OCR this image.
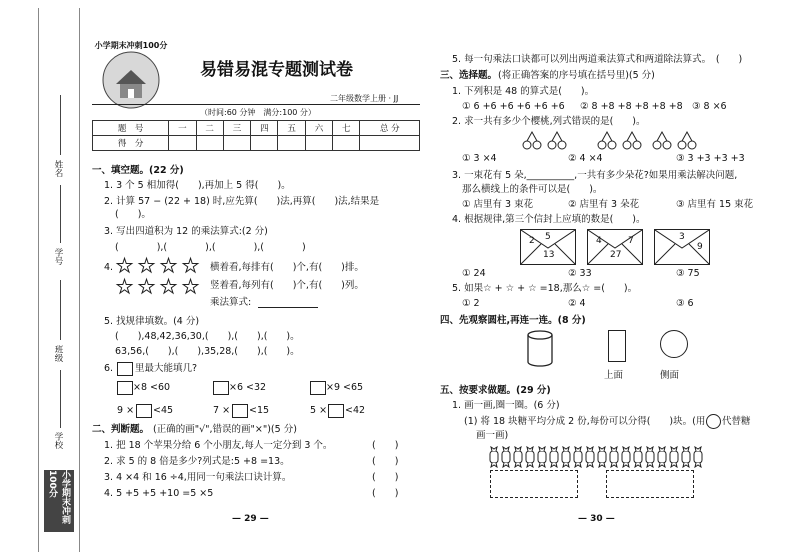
姓名
学号
班级
学校
小学期末冲刺100分
小学期末冲刺100分
易错易混专题测试卷
二年级数学上册 · JJ
（时间:60 分钟　满分:100 分）
题　号	一	二	三	四	五	六	七	总 分
得　分								
一、填空题。(22 分)
1. 3 个 5 相加得(　　),再加上 5 得(　　)。
2. 计算 57 − (22 + 18) 时,应先算(　　)法,再算(　　)法,结果是
(　　)。
3. 写出四道积为 12 的乘法算式:(2 分)
(　　　　),(　　　　),(　　　　),(　　　　)
4. ★ ★ ★ ★
★ ★ ★ ★
横着看,每排有(　　)个,有(　　)排。
竖着看,每列有(　　)个,有(　　)列。
乘法算式:
5. 找规律填数。(4 分)
(　　),48,42,36,30,(　　),(　　),(　　)。
63,56,(　　),(　　),35,28,(　　),(　　)。
6. 里最大能填几?
×8 <60	×6 <32	×9 <65
9 × <45	7 × <15	5 × <42
二、判断题。 (正确的画"√",错误的画"×")(5 分)
1. 把 18 个苹果分给 6 个小朋友,每人一定分到 3 个。	(　　)
2. 求 5 的 8 倍是多少?列式是:5 +8 =13。	(　　)
3. 4 ×4 和 16 ÷4,用同一句乘法口诀计算。	(　　)
4. 5 +5 +5 +10 =5 ×5	(　　)
— 29 —
5. 每一句乘法口诀都可以列出两道乘法算式和两道除法算式。　(　　)
三、选择题。 (将正确答案的序号填在括号里)(5 分)
1. 下列积是 48 的算式是(　　)。
① 6 +6 +6 +6 +6 +6 ② 8 +8 +8 +8 +8 +8 ③ 8 ×6
2. 求一共有多少个樱桃,列式错误的是(　　)。
① 3 ×4	② 4 ×4	③ 3 +3 +3 +3
3. 一束花有 5 朵,__________,一共有多少朵花?如果用乘法解决问题,
那么横线上的条件可以是(　　)。
① 店里有 3 束花	② 店里有 3 朵花	③ 店里有 15 束花
4. 根据规律,第三个信封上应填的数是(　　)。
2 5
13
4	7
27
3
9
① 24	② 33	③ 75
5. 如果☆ + ☆ + ☆ =18,那么☆ =(　　)。
① 2	② 4	③ 6
四、先观察圆柱,再连一连。(8 分)
上面	侧面
五、按要求做题。(29 分)
1. 画一画,圈一圈。(6 分)
(1) 将 18 块糖平均分成 2 份,每份可以分得(　　)块。(用 代替糖
画一画)
— 30 —
